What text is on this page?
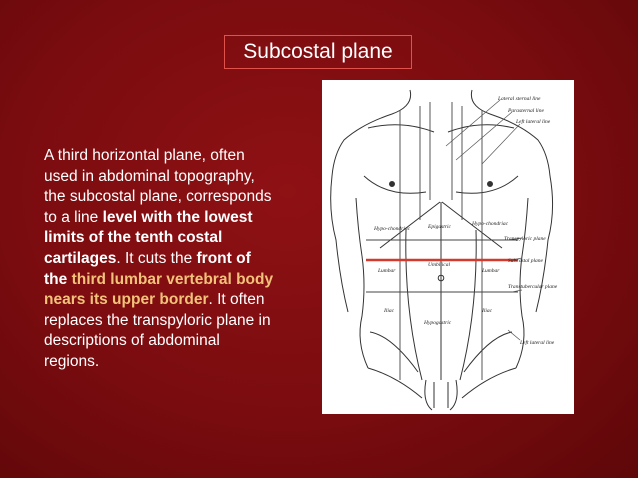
Subcostal plane
A third horizontal plane, often used in abdominal topography, the subcostal plane, corresponds to a line level with the lowest limits of the tenth costal cartilages. It cuts the front of the third lumbar vertebral body nears its upper border. It often replaces the transpyloric plane in descriptions of abdominal regions.
Lateral sternal line
Parasternal line
Left lateral line
Hypo-chondriac	Epigastric	Hypo-chondriac
Transpyloric plane
Subcostal plane
Umbilical
Lumbar	Lumbar
Transtubercular plane
Iliac
Hypogastric
Iliac
Left lateral line
